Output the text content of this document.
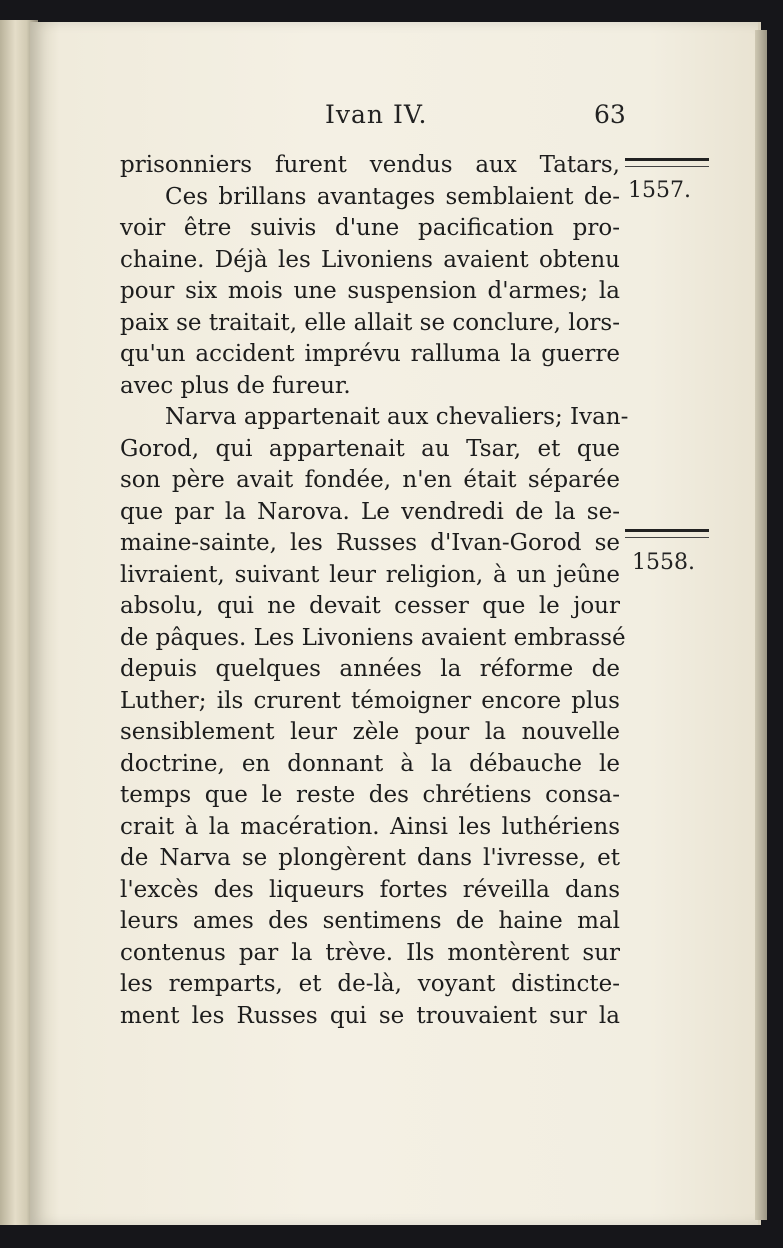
Ivan IV.	63
1557.
1558.
prisonniers furent vendus aux Tatars,
Ces brillans avantages semblaient de-
voir être suivis d'une pacification pro-
chaine. Déjà les Livoniens avaient obtenu
pour six mois une suspension d'armes; la
paix se traitait, elle allait se conclure, lors-
qu'un accident imprévu ralluma la guerre
avec plus de fureur.
Narva appartenait aux chevaliers; Ivan-
Gorod, qui appartenait au Tsar, et que
son père avait fondée, n'en était séparée
que par la Narova. Le vendredi de la se-
maine-sainte, les Russes d'Ivan-Gorod se
livraient, suivant leur religion, à un jeûne
absolu, qui ne devait cesser que le jour
de pâques. Les Livoniens avaient embrassé
depuis quelques années la réforme de
Luther; ils crurent témoigner encore plus
sensiblement leur zèle pour la nouvelle
doctrine, en donnant à la débauche le
temps que le reste des chrétiens consa-
crait à la macération. Ainsi les luthériens
de Narva se plongèrent dans l'ivresse, et
l'excès des liqueurs fortes réveilla dans
leurs ames des sentimens de haine mal
contenus par la trève. Ils montèrent sur
les remparts, et de-là, voyant distincte-
ment les Russes qui se trouvaient sur la
